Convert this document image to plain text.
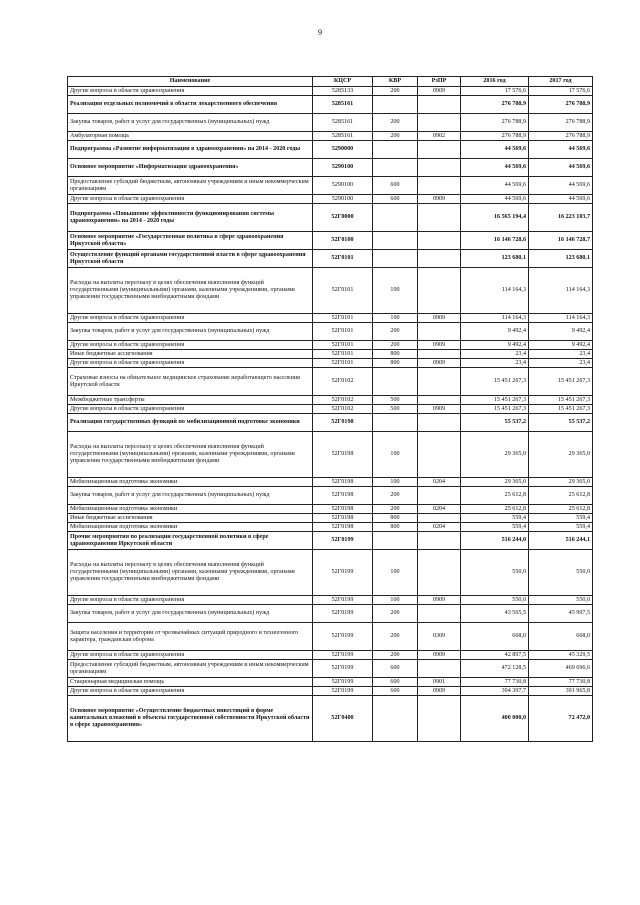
9
Наименование	КЦСР	КВР	РзПР	2016 год	2017 год
Другие вопросы в области здравоохранения	5285133	200	0909	17 576,6	17 576,6
Реализация отдельных полномочий в области лекарственного обеспечения	5285161			276 788,9	276 788,9
Закупка товаров, работ и услуг для государственных (муниципальных) нужд	5285161	200		276 788,9	276 788,9
Амбулаторная помощь	5285161	200	0902	276 788,9	276 788,9
Подпрограмма «Развитие информатизации в здравоохранении» на 2014 - 2020 годы	5290000			44 569,6	44 569,6
Основное мероприятие «Информатизация здравоохранения»	5290100			44 569,6	44 569,6
Предоставление субсидий бюджетным, автономным учреждениям и иным некоммерческим организациям	5290100	600		44 569,6	44 569,6
Другие вопросы в области здравоохранения	5290100	600	0909	44 569,6	44 569,6
Подпрограмма «Повышение эффективности функционирования системы здравоохранения» на 2014 - 2020 годы	52Г0000			16 565 194,4	16 223 103,7
Основное мероприятие «Государственная политика в сфере здравоохранения Иркутской области»	52Г0100			16 146 728,6	16 146 728,7
Осуществление функций органами государственной власти в сфере здравоохранения Иркутской области	52Г0101			123 680,1	123 680,1
Расходы на выплаты персоналу в целях обеспечения выполнения функций государственными (муниципальными) органами, казенными учреждениями, органами управления государственными внебюджетными фондами	52Г0101	100		114 164,3	114 164,3
Другие вопросы в области здравоохранения	52Г0101	100	0909	114 164,3	114 164,3
Закупка товаров, работ и услуг для государственных (муниципальных) нужд	52Г0101	200		9 492,4	9 492,4
Другие вопросы в области здравоохранения	52Г0101	200	0909	9 492,4	9 492,4
Иные бюджетные ассигнования	52Г0101	800		23,4	23,4
Другие вопросы в области здравоохранения	52Г0101	800	0909	23,4	23,4
Страховые взносы на обязательное медицинское страхование неработающего населения Иркутской области	52Г0102			15 451 267,3	15 451 267,3
Межбюджетные трансферты	52Г0102	500		15 451 267,3	15 451 267,3
Другие вопросы в области здравоохранения	52Г0102	500	0909	15 451 267,3	15 451 267,3
Реализация государственных функций по мобилизационной подготовке экономики	52Г0198			55 537,2	55 537,2
Расходы на выплаты персоналу в целях обеспечения выполнения функций государственными (муниципальными) органами, казенными учреждениями, органами управления государственными внебюджетными фондами	52Г0198	100		29 365,0	29 365,0
Мобилизационная подготовка экономики	52Г0198	100	0204	29 365,0	29 365,0
Закупка товаров, работ и услуг для государственных (муниципальных) нужд	52Г0198	200		25 612,8	25 612,8
Мобилизационная подготовка экономики	52Г0198	200	0204	25 612,8	25 612,8
Иные бюджетные ассигнования	52Г0198	800		559,4	559,4
Мобилизационная подготовка экономики	52Г0198	800	0204	559,4	559,4
Прочие мероприятия по реализации государственной политики в сфере здравоохранения Иркутской области	52Г0199			516 244,0	516 244,1
Расходы на выплаты персоналу в целях обеспечения выполнения функций государственными (муниципальными) органами, казенными учреждениями, органами управления государственными внебюджетными фондами	52Г0199	100		550,0	550,0
Другие вопросы в области здравоохранения	52Г0199	100	0909	550,0	550,0
Закупка товаров, работ и услуг для государственных (муниципальных) нужд	52Г0199	200		43 565,5	45 997,5
Защита населения и территории от чрезвычайных ситуаций природного и техногенного характера, гражданская оборона	52Г0199	200	0309	668,0	668,0
Другие вопросы в области здравоохранения	52Г0199	200	0909	42 897,5	45 329,5
Предоставление субсидий бюджетным, автономным учреждениям и иным некоммерческим организациям	52Г0199	600		472 128,5	469 696,6
Стационарная медицинская помощь	52Г0199	600	0901	77 730,8	77 730,8
Другие вопросы в области здравоохранения	52Г0199	600	0909	394 397,7	391 965,8
Основное мероприятие «Осуществление бюджетных инвестиций в форме капитальных вложений в объекты государственной собственности Иркутской области в сфере здравоохранения»	52Г0400			400 000,0	72 472,0
